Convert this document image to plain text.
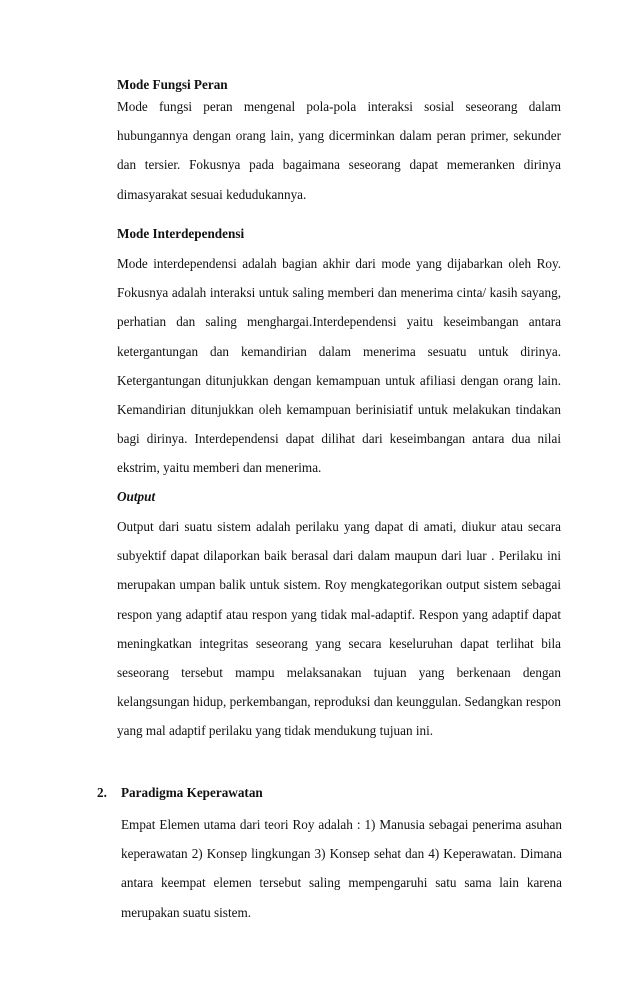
Mode Fungsi Peran

Mode fungsi peran mengenal pola-pola interaksi sosial seseorang dalam hubungannya dengan orang lain, yang dicerminkan dalam peran primer, sekunder dan tersier. Fokusnya pada bagaimana seseorang dapat memeranken dirinya dimasyarakat sesuai kedudukannya.

Mode Interdependensi

Mode interdependensi adalah bagian akhir dari mode yang dijabarkan oleh Roy. Fokusnya adalah interaksi untuk saling memberi dan menerima cinta/ kasih sayang, perhatian dan saling menghargai.Interdependensi yaitu keseimbangan antara ketergantungan dan kemandirian dalam menerima sesuatu untuk dirinya. Ketergantungan ditunjukkan dengan kemampuan untuk afiliasi dengan orang lain. Kemandirian ditunjukkan oleh kemampuan berinisiatif untuk melakukan tindakan bagi dirinya. Interdependensi dapat dilihat dari keseimbangan antara dua nilai ekstrim, yaitu memberi dan menerima.

Output

Output dari suatu sistem adalah perilaku yang dapat di amati, diukur atau secara subyektif dapat dilaporkan baik berasal dari dalam maupun dari luar . Perilaku ini merupakan umpan balik untuk sistem. Roy mengkategorikan output sistem sebagai respon yang adaptif atau respon yang tidak mal-adaptif. Respon yang adaptif dapat meningkatkan integritas seseorang yang secara keseluruhan dapat terlihat bila seseorang tersebut mampu melaksanakan tujuan yang berkenaan dengan kelangsungan hidup, perkembangan, reproduksi dan keunggulan. Sedangkan respon yang mal adaptif perilaku yang tidak mendukung tujuan ini.

2. Paradigma Keperawatan

Empat Elemen utama dari teori Roy adalah : 1) Manusia sebagai penerima asuhan keperawatan 2) Konsep lingkungan 3) Konsep sehat dan 4) Keperawatan. Dimana antara keempat elemen tersebut saling mempengaruhi satu sama lain karena merupakan suatu sistem.
